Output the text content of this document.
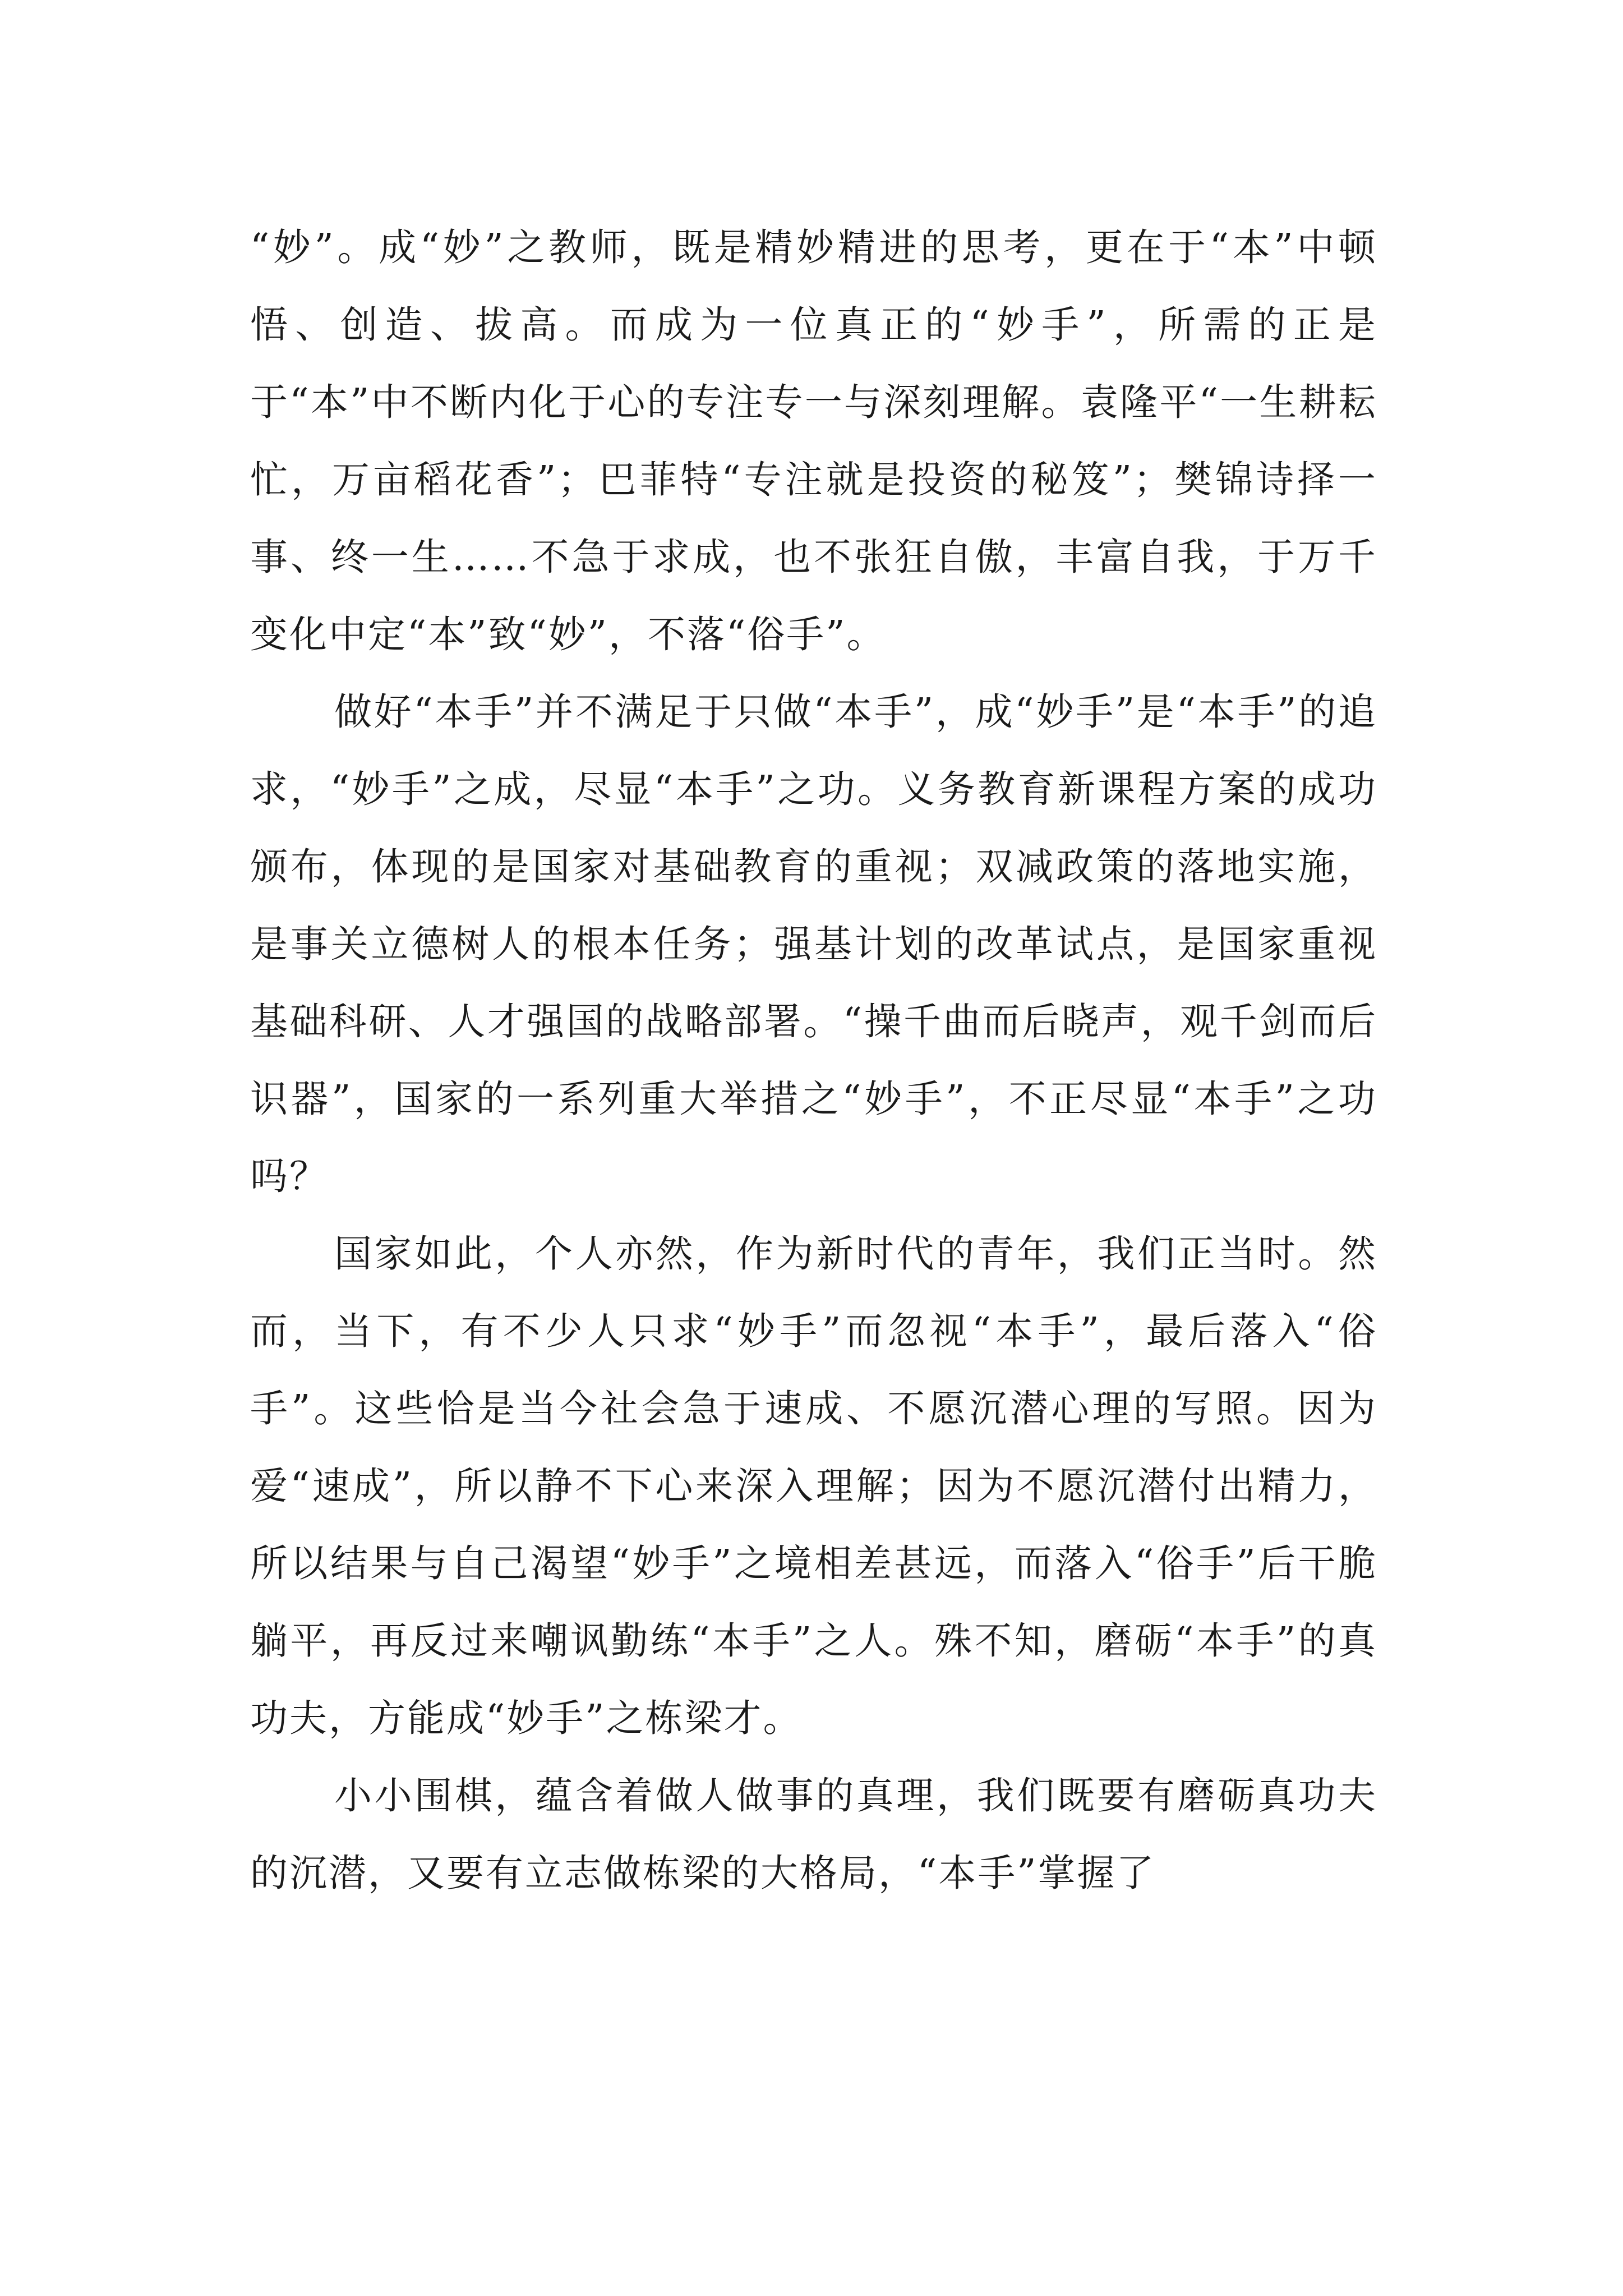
“妙”。成“妙”之教师，既是精妙精进的思考，更在于“本”中顿悟、创造、拔高。而成为一位真正的“妙手”，所需的正是于“本”中不断内化于心的专注专一与深刻理解。袁隆平“一生耕耘忙，万亩稻花香”；巴菲特“专注就是投资的秘笈”；樊锦诗择一事、终一生……不急于求成，也不张狂自傲，丰富自我，于万千变化中定“本”致“妙”，不落“俗手”。

做好“本手”并不满足于只做“本手”，成“妙手”是“本手”的追求，“妙手”之成，尽显“本手”之功。义务教育新课程方案的成功颁布，体现的是国家对基础教育的重视；双减政策的落地实施，是事关立德树人的根本任务；强基计划的改革试点，是国家重视基础科研、人才强国的战略部署。“操千曲而后晓声，观千剑而后识器”，国家的一系列重大举措之“妙手”，不正尽显“本手”之功吗？

国家如此，个人亦然，作为新时代的青年，我们正当时。然而，当下，有不少人只求“妙手”而忽视“本手”，最后落入“俗手”。这些恰是当今社会急于速成、不愿沉潜心理的写照。因为爱“速成”，所以静不下心来深入理解；因为不愿沉潜付出精力，所以结果与自己渴望“妙手”之境相差甚远，而落入“俗手”后干脆躺平，再反过来嘲讽勤练“本手”之人。殊不知，磨砺“本手”的真功夫，方能成“妙手”之栋梁才。

小小围棋，蕴含着做人做事的真理，我们既要有磨砺真功夫的沉潜，又要有立志做栋梁的大格局，“本手”掌握了
